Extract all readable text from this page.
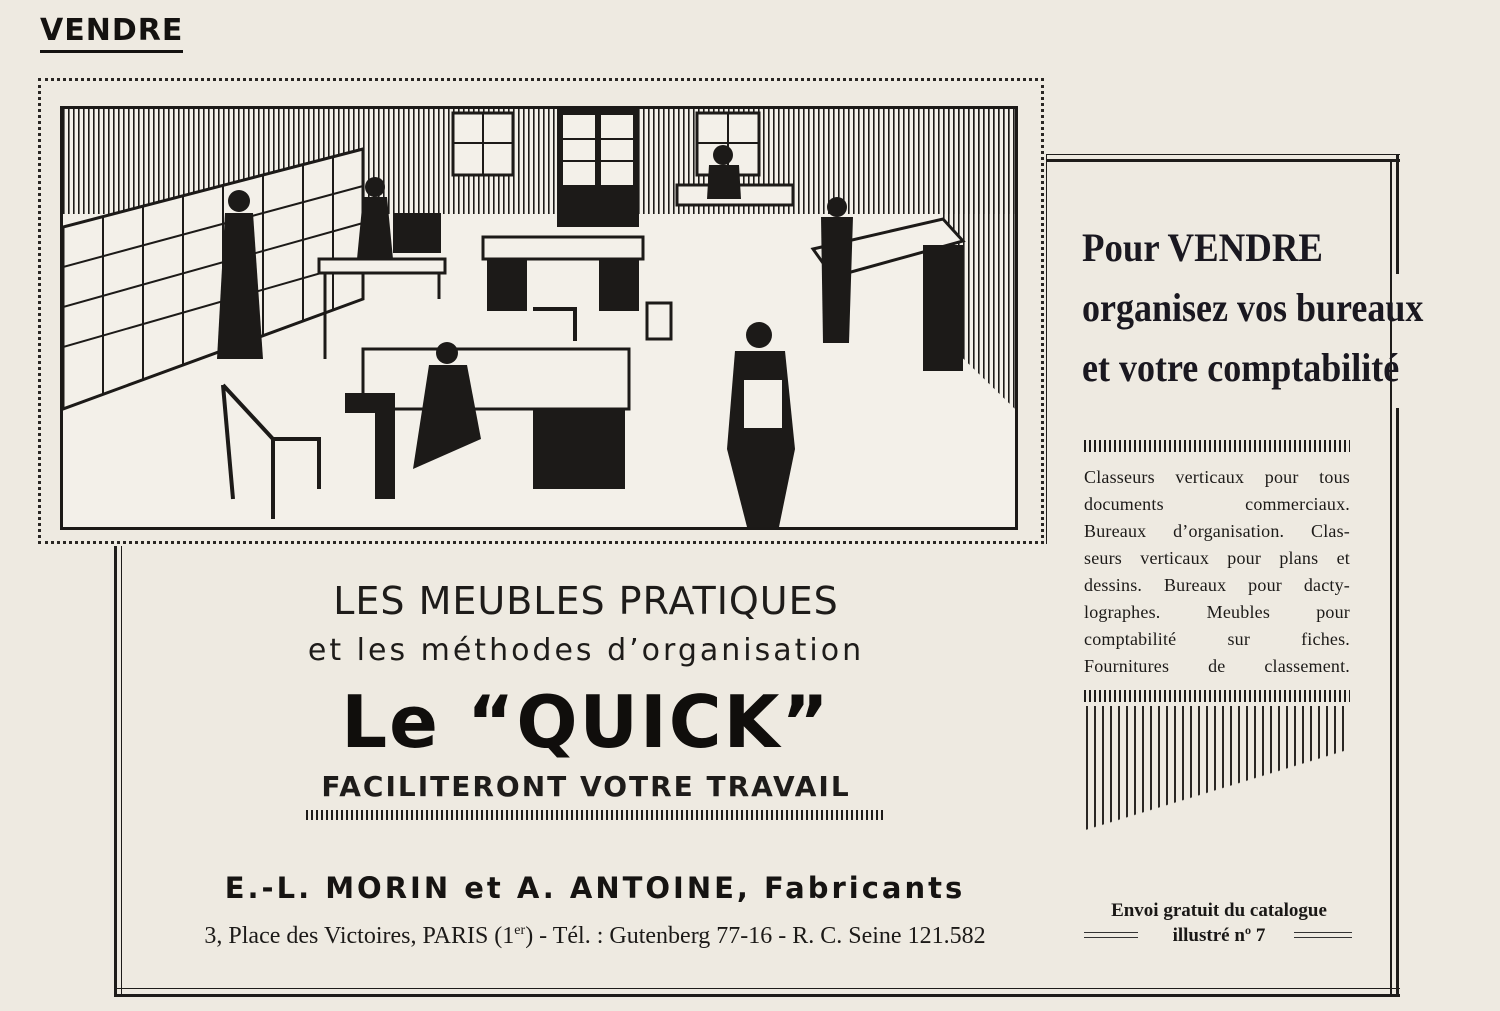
VENDRE
Pour VENDRE
organisez vos bureaux
et votre comptabilité
Classeurs verticaux pour tous
documents commerciaux.
Bureaux d’organisation. Clas-
seurs verticaux pour plans et
dessins. Bureaux pour dacty-
lographes. Meubles pour
comptabilité sur fiches.
Fournitures de classement.
Envoi gratuit du catalogue
illustré nº 7
LES MEUBLES PRATIQUES
et les méthodes d’organisation
Le “QUICK”
FACILITERONT VOTRE TRAVAIL
E.-L. MORIN et A. ANTOINE, Fabricants
3, Place des Victoires, PARIS (1er) - Tél. : Gutenberg 77-16 - R. C. Seine 121.582
